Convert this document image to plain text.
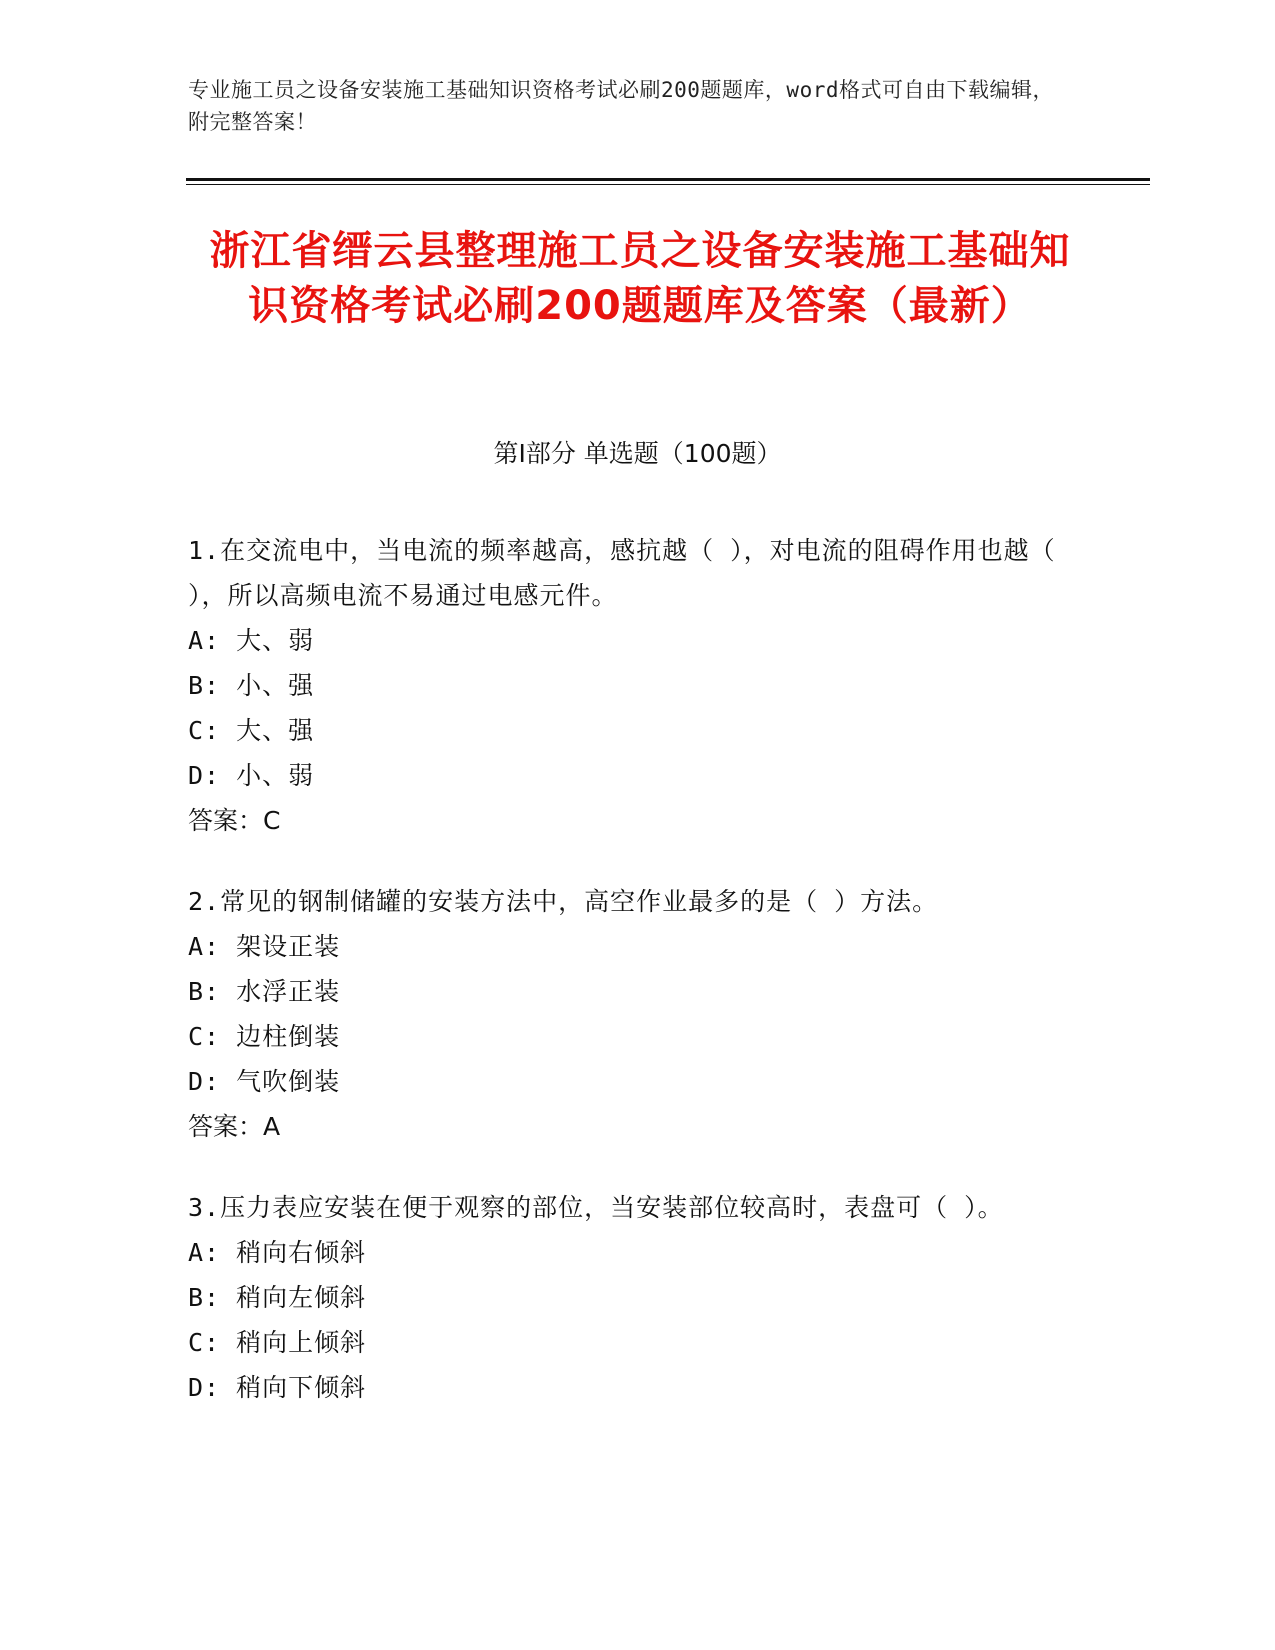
专业施工员之设备安装施工基础知识资格考试必刷200题题库，word格式可自由下载编辑，附完整答案！
浙江省缙云县整理施工员之设备安装施工基础知识资格考试必刷200题题库及答案（最新）
第Ⅰ部分 单选题（100题）
1.在交流电中，当电流的频率越高，感抗越（ ），对电流的阻碍作用也越（ ），所以高频电流不易通过电感元件。
A: 大、弱
B: 小、强
C: 大、强
D: 小、弱
答案：C
2.常见的钢制储罐的安装方法中，高空作业最多的是（ ）方法。
A: 架设正装
B: 水浮正装
C: 边柱倒装
D: 气吹倒装
答案：A
3.压力表应安装在便于观察的部位，当安装部位较高时，表盘可（ ）。
A: 稍向右倾斜
B: 稍向左倾斜
C: 稍向上倾斜
D: 稍向下倾斜
